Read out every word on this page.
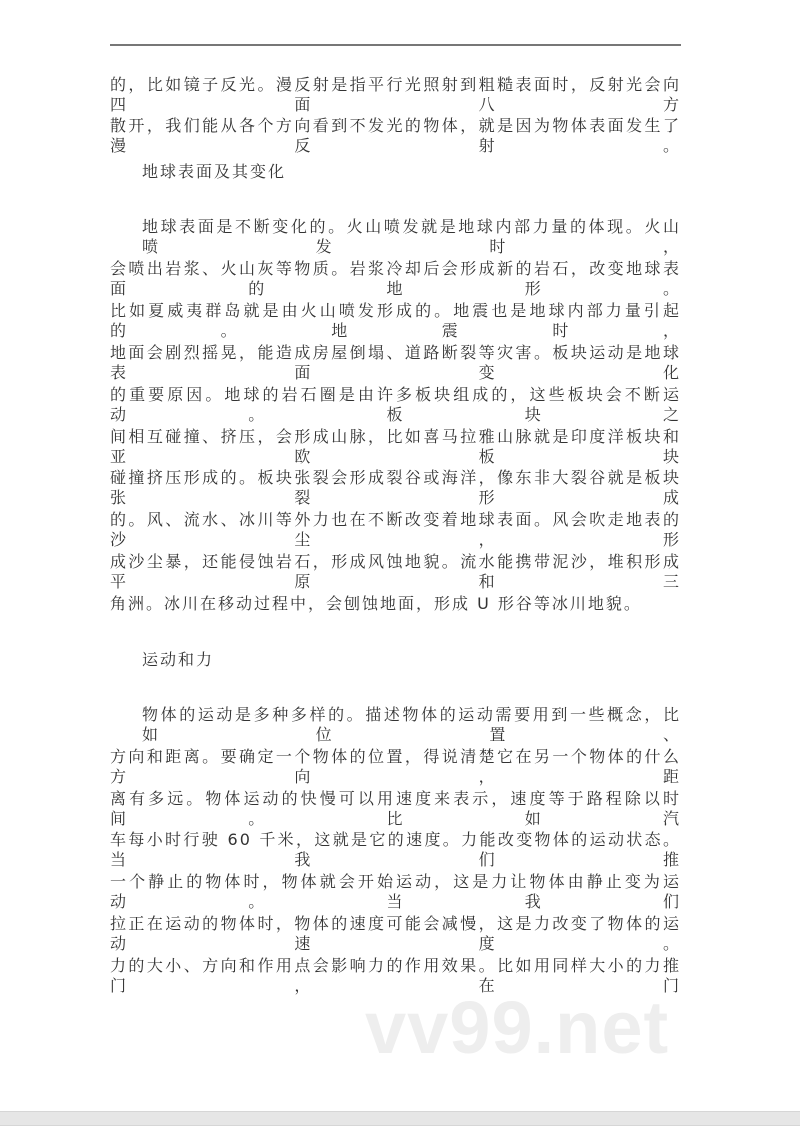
的，比如镜子反光。漫反射是指平行光照射到粗糙表面时，反射光会向四面八方
散开，我们能从各个方向看到不发光的物体，就是因为物体表面发生了漫反射。
地球表面及其变化
地球表面是不断变化的。火山喷发就是地球内部力量的体现。火山喷发时，
会喷出岩浆、火山灰等物质。岩浆冷却后会形成新的岩石，改变地球表面的地形。
比如夏威夷群岛就是由火山喷发形成的。地震也是地球内部力量引起的。地震时，
地面会剧烈摇晃，能造成房屋倒塌、道路断裂等灾害。板块运动是地球表面变化
的重要原因。地球的岩石圈是由许多板块组成的，这些板块会不断运动。板块之
间相互碰撞、挤压，会形成山脉，比如喜马拉雅山脉就是印度洋板块和亚欧板块
碰撞挤压形成的。板块张裂会形成裂谷或海洋，像东非大裂谷就是板块张裂形成
的。风、流水、冰川等外力也在不断改变着地球表面。风会吹走地表的沙尘，形
成沙尘暴，还能侵蚀岩石，形成风蚀地貌。流水能携带泥沙，堆积形成平原和三
角洲。冰川在移动过程中，会刨蚀地面，形成 U 形谷等冰川地貌。
运动和力
物体的运动是多种多样的。描述物体的运动需要用到一些概念，比如位置、
方向和距离。要确定一个物体的位置，得说清楚它在另一个物体的什么方向，距
离有多远。物体运动的快慢可以用速度来表示，速度等于路程除以时间。比如汽
车每小时行驶 60 千米，这就是它的速度。力能改变物体的运动状态。当我们推
一个静止的物体时，物体就会开始运动，这是力让物体由静止变为运动。当我们
拉正在运动的物体时，物体的速度可能会减慢，这是力改变了物体的运动速度。
力的大小、方向和作用点会影响力的作用效果。比如用同样大小的力推门，在门
vv99.net
